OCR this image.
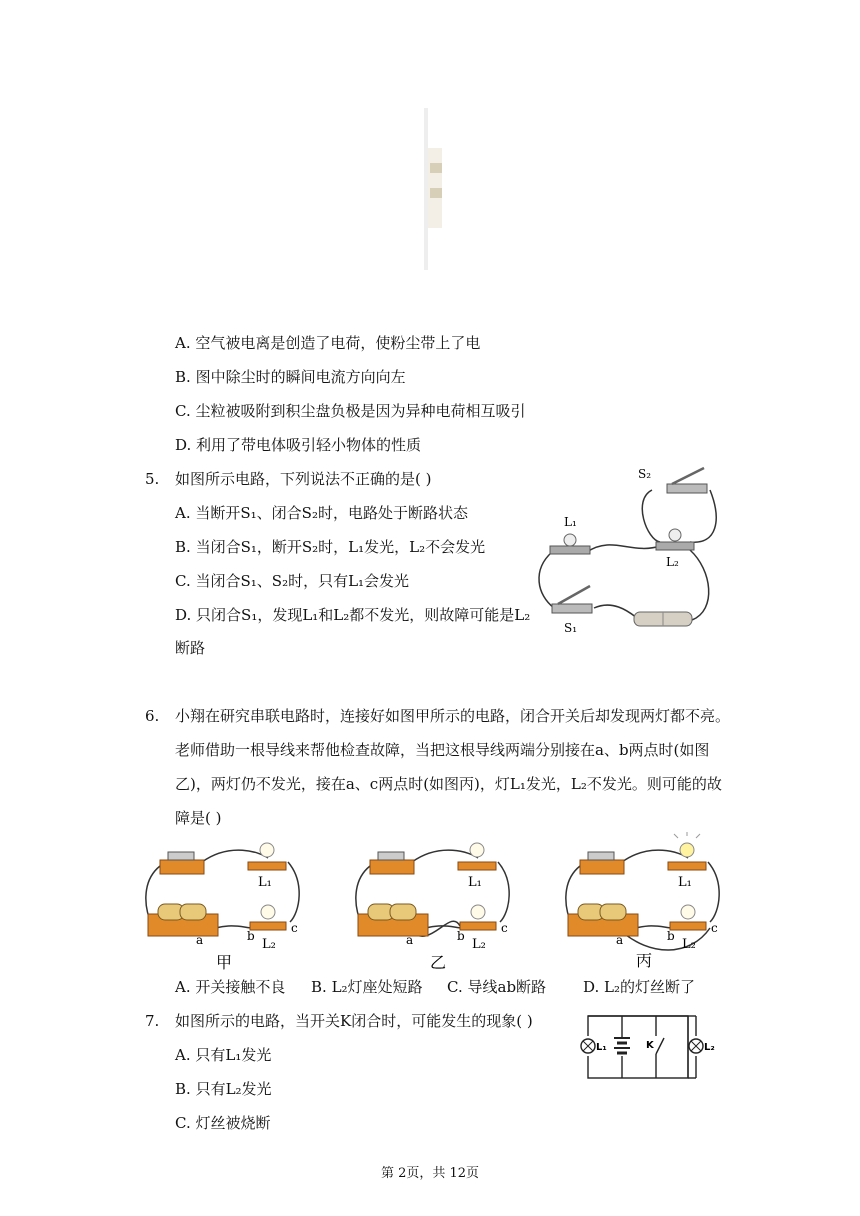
A. 空气被电离是创造了电荷，使粉尘带上了电
B. 图中除尘时的瞬间电流方向向左
C. 尘粒被吸附到积尘盘负极是因为异种电荷相互吸引
D. 利用了带电体吸引轻小物体的性质
5. 如图所示电路，下列说法不正确的是( )
A. 当断开S₁、闭合S₂时，电路处于断路状态
B. 当闭合S₁，断开S₂时，L₁发光，L₂不会发光
C. 当闭合S₁、S₂时，只有L₁会发光
D. 只闭合S₁，发现L₁和L₂都不发光，则故障可能是L₂
断路
S₂
L₁
L₂
S₁
6. 小翔在研究串联电路时，连接好如图甲所示的电路，闭合开关后却发现两灯都不亮。
老师借助一根导线来帮他检查故障，当把这根导线两端分别接在a、b两点时(如图
乙)，两灯仍不发光，接在a、c两点时(如图丙)，灯L₁发光，L₂不发光。则可能的故
障是( )
L₁
L₂
a	b
c
甲
L₁
L₂
a	b
c
乙
L₁
L₂
a	b
c
丙
A. 开关接触不良 B. L₂灯座处短路 C. 导线ab断路 D. L₂的灯丝断了
7. 如图所示的电路，当开关K闭合时，可能发生的现象( )
A. 只有L₁发光
B. 只有L₂发光
C. 灯丝被烧断
L₁	L₂
K
第 2页，共 12页
